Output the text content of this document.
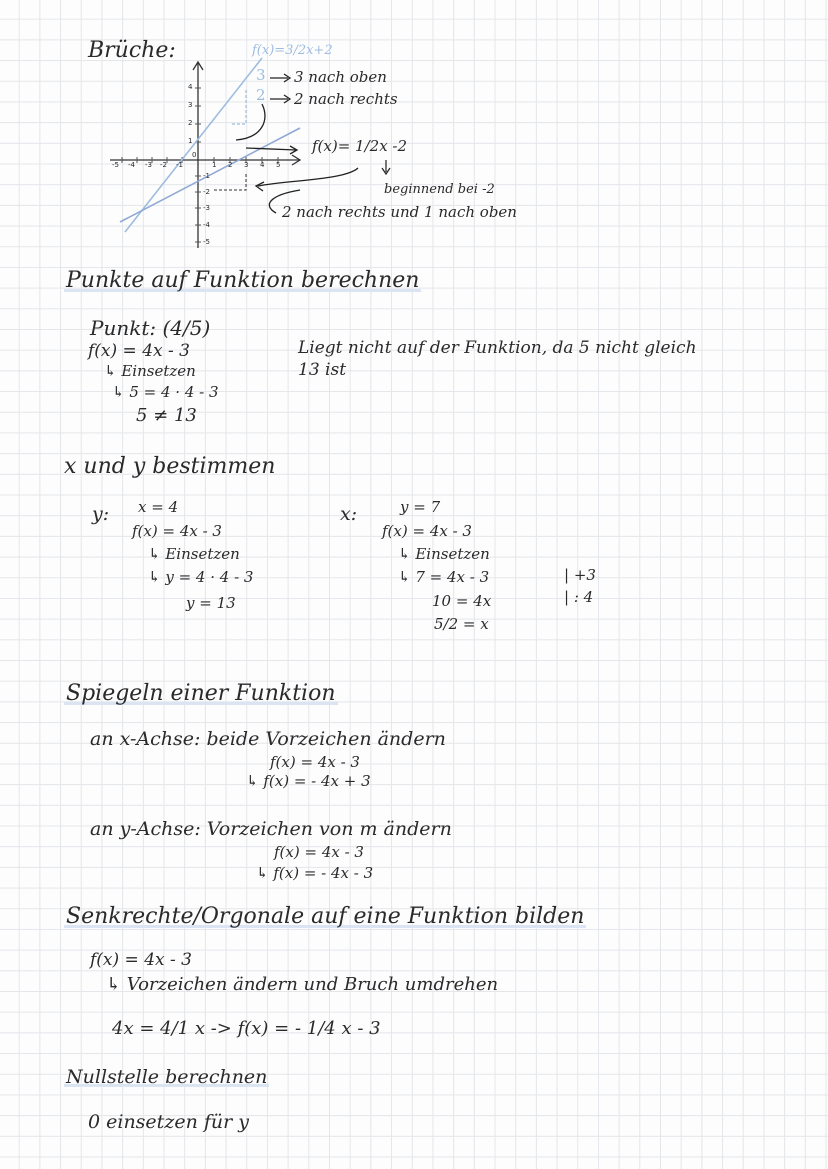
Brüche:
-5 -4 -3 -2 -1
0
1 2 3 4 5
4
3
2
1
-1
-2
-3
-4
-5
f(x)=3/2x+2
3
2
3 nach oben
2 nach rechts
f(x)= 1/2x -2
beginnend bei -2
2 nach rechts und 1 nach oben
Punkte auf Funktion berechnen
Punkt: (4/5)
f(x) = 4x - 3
↳ Einsetzen
↳ 5 = 4 · 4 - 3
5 ≠ 13
Liegt nicht auf der Funktion, da 5 nicht gleich
13 ist
x und y bestimmen
y: x = 4
f(x) = 4x - 3
↳ Einsetzen
↳ y = 4 · 4 - 3
y = 13
x:	y = 7
f(x) = 4x - 3
↳ Einsetzen
↳ 7 = 4x - 3	| +3
10 = 4x	| : 4
5/2 = x
Spiegeln einer Funktion
an x-Achse: beide Vorzeichen ändern
f(x) = 4x - 3
↳ f(x) = - 4x + 3
an y-Achse: Vorzeichen von m ändern
f(x) = 4x - 3
↳ f(x) = - 4x - 3
Senkrechte/Orgonale auf eine Funktion bilden
f(x) = 4x - 3
↳ Vorzeichen ändern und Bruch umdrehen
4x = 4/1 x -> f(x) = - 1/4 x - 3
Nullstelle berechnen
0 einsetzen für y
